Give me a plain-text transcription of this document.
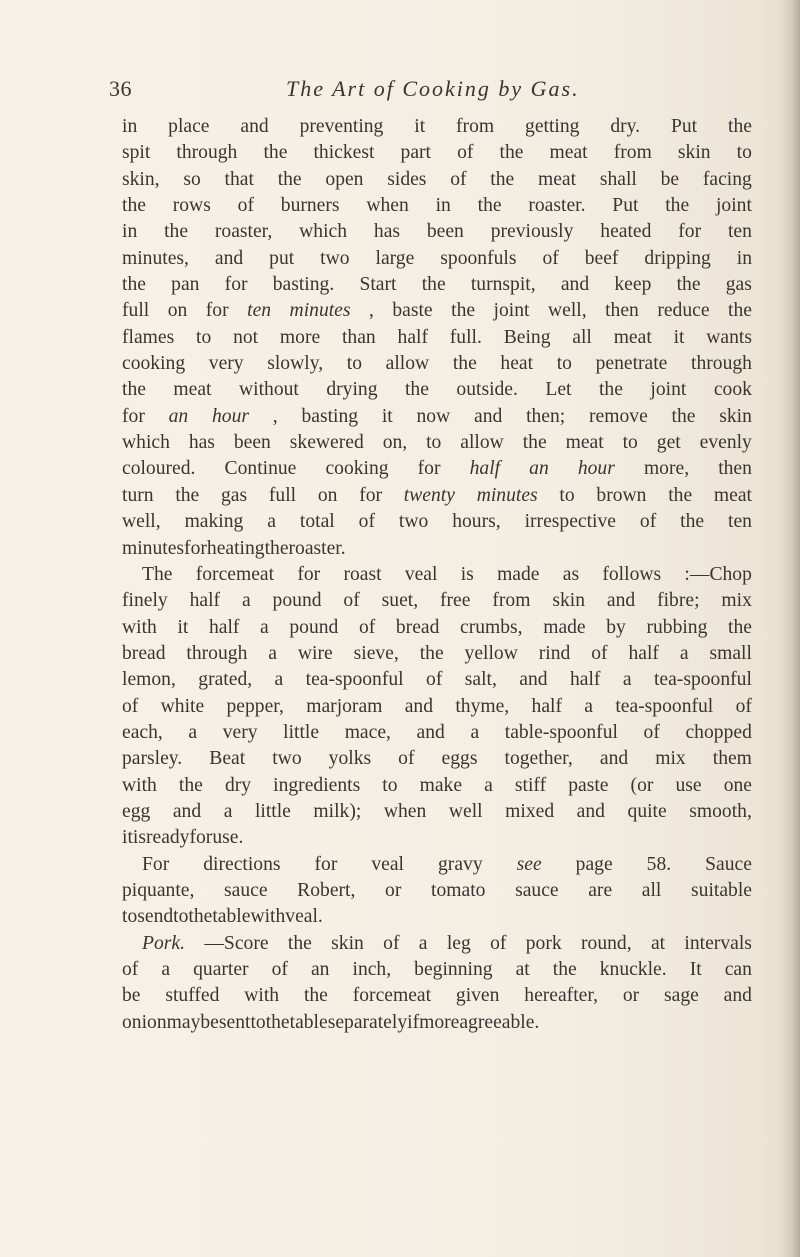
36	The Art of Cooking by Gas.
in place and preventing it from getting dry. Put the
spit through the thickest part of the meat from skin to
skin, so that the open sides of the meat shall be facing
the rows of burners when in the roaster. Put the joint
in the roaster, which has been previously heated for ten
minutes, and put two large spoonfuls of beef dripping in
the pan for basting. Start the turnspit, and keep the gas
full on for ten minutes , baste the joint well, then reduce the
flames to not more than half full. Being all meat it wants
cooking very slowly, to allow the heat to penetrate through
the meat without drying the outside. Let the joint cook
for an hour , basting it now and then; remove the skin
which has been skewered on, to allow the meat to get evenly
coloured. Continue cooking for half an hour more, then
turn the gas full on for twenty minutes to brown the meat
well, making a total of two hours, irrespective of the ten
minutes for heating the roaster.
The forcemeat for roast veal is made as follows :—Chop
finely half a pound of suet, free from skin and fibre; mix
with it half a pound of bread crumbs, made by rubbing the
bread through a wire sieve, the yellow rind of half a small
lemon, grated, a tea-spoonful of salt, and half a tea-spoonful
of white pepper, marjoram and thyme, half a tea-spoonful of
each, a very little mace, and a table-spoonful of chopped
parsley. Beat two yolks of eggs together, and mix them
with the dry ingredients to make a stiff paste (or use one
egg and a little milk); when well mixed and quite smooth,
it is ready for use.
For directions for veal gravy see page 58. Sauce
piquante, sauce Robert, or tomato sauce are all suitable
to send to the table with veal.
Pork. —Score the skin of a leg of pork round, at intervals
of a quarter of an inch, beginning at the knuckle. It can
be stuffed with the forcemeat given hereafter, or sage and
onion may be sent to the table separately if more agreeable.
